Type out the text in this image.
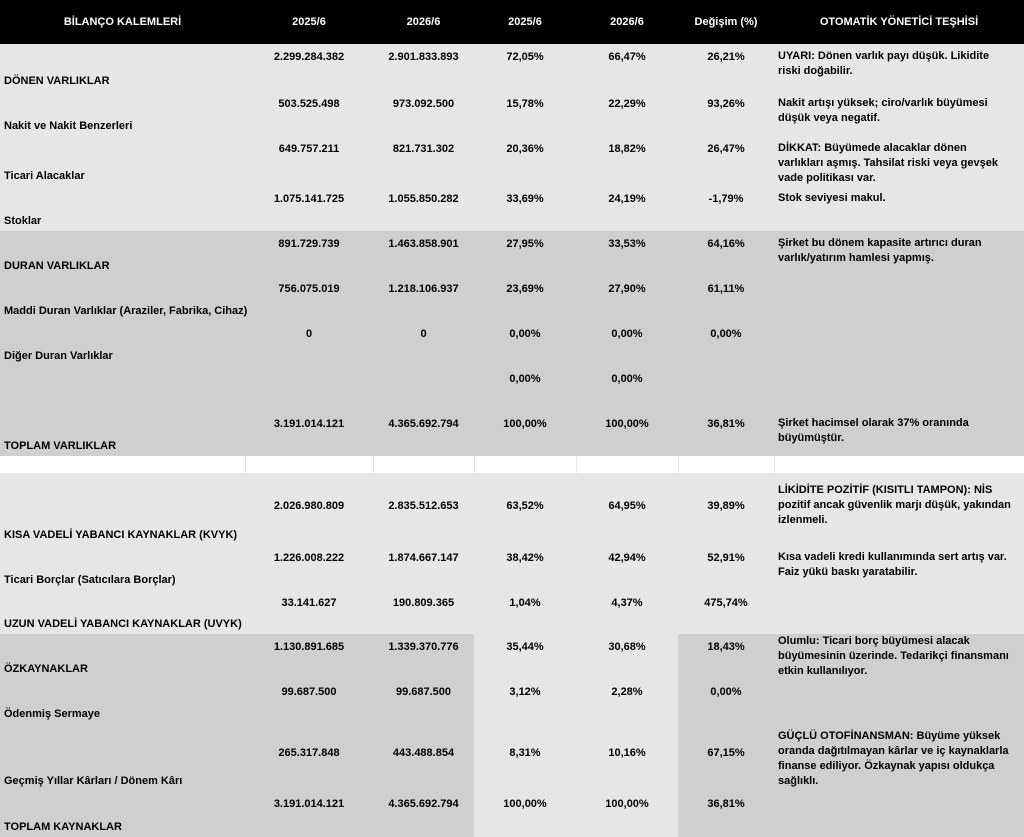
BİLANÇO KALEMLERİ	2025/6	2026/6	2025/6	2026/6	Değişim (%)	OTOMATİK YÖNETİCİ TEŞHİSİ
DÖNEN VARLIKLAR	2.299.284.382	2.901.833.893	72,05%	66,47%	26,21%	UYARI: Dönen varlık payı düşük. Likidite riski doğabilir.
Nakit ve Nakit Benzerleri	503.525.498	973.092.500	15,78%	22,29%	93,26%	Nakit artışı yüksek; ciro/varlık büyümesi düşük veya negatif.
Ticari Alacaklar	649.757.211	821.731.302	20,36%	18,82%	26,47%	DİKKAT: Büyümede alacaklar dönen varlıkları aşmış. Tahsilat riski veya gevşek vade politikası var.
Stoklar	1.075.141.725	1.055.850.282	33,69%	24,19%	-1,79%	Stok seviyesi makul.
DURAN VARLIKLAR	891.729.739	1.463.858.901	27,95%	33,53%	64,16%	Şirket bu dönem kapasite artırıcı duran varlık/yatırım hamlesi yapmış.
Maddi Duran Varlıklar (Araziler, Fabrika, Cihaz)	756.075.019	1.218.106.937	23,69%	27,90%	61,11%	
Diğer Duran Varlıklar	0	0	0,00%	0,00%	0,00%	
			0,00%	0,00%		
TOPLAM VARLIKLAR	3.191.014.121	4.365.692.794	100,00%	100,00%	36,81%	Şirket hacimsel olarak 37% oranında büyümüştür.

KISA VADELİ YABANCI KAYNAKLAR (KVYK)	2.026.980.809	2.835.512.653	63,52%	64,95%	39,89%	LİKİDİTE POZİTİF (KISITLI TAMPON): NİS pozitif ancak güvenlik marjı düşük, yakından izlenmeli.
Ticari Borçlar (Satıcılara Borçlar)	1.226.008.222	1.874.667.147	38,42%	42,94%	52,91%	Kısa vadeli kredi kullanımında sert artış var. Faiz yükü baskı yaratabilir.
UZUN VADELİ YABANCI KAYNAKLAR (UVYK)	33.141.627	190.809.365	1,04%	4,37%	475,74%	
ÖZKAYNAKLAR	1.130.891.685	1.339.370.776	35,44%	30,68%	18,43%	Olumlu: Ticari borç büyümesi alacak büyümesinin üzerinde. Tedarikçi finansmanı etkin kullanılıyor.
Ödenmiş Sermaye	99.687.500	99.687.500	3,12%	2,28%	0,00%	
Geçmiş Yıllar Kârları / Dönem Kârı	265.317.848	443.488.854	8,31%	10,16%	67,15%	GÜÇLÜ OTOFİNANSMAN: Büyüme yüksek oranda dağıtılmayan kârlar ve iç kaynaklarla finanse ediliyor. Özkaynak yapısı oldukça sağlıklı.
TOPLAM KAYNAKLAR	3.191.014.121	4.365.692.794	100,00%	100,00%	36,81%	
